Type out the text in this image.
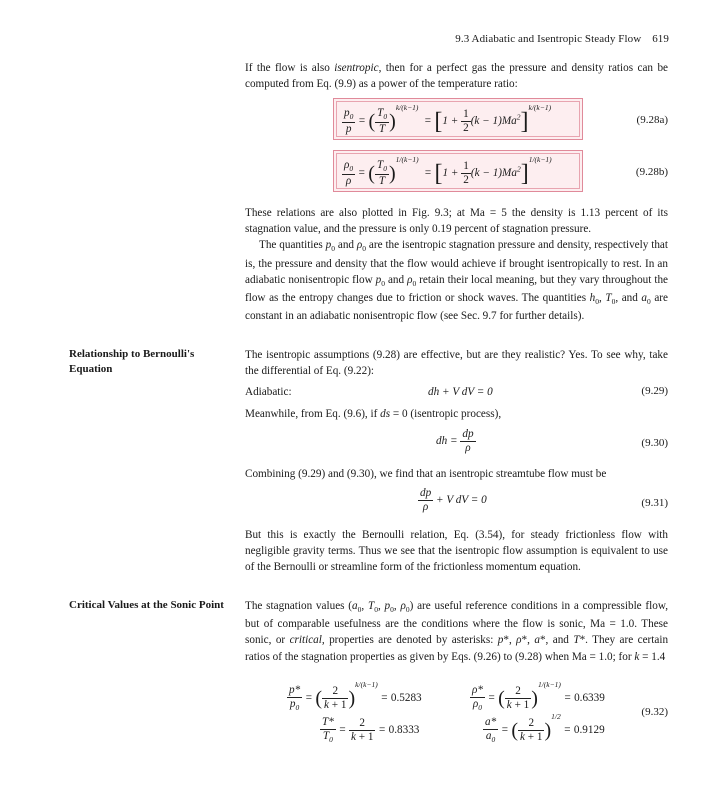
9.3 Adiabatic and Isentropic Steady Flow 619

If the flow is also isentropic, then for a perfect gas the pressure and density ratios can be computed from Eq. (9.9) as a power of the temperature ratio:

$\frac{p_0}{p}$ = ( $\frac{T_0}{T} )^{k/(k-1)} = [1 + \frac{1}{2} (k - 1)Ma^2]^{k/(k-1)}$
(9.28a)
$\frac{\rho_0}{\rho}$ = ( $\frac{T_0}{T} )^{1/(k-1)} = [1 + \frac{1}{2} (k - 1)Ma^2]^{1/(k-1)}$
(9.28b)

These relations are also plotted in Fig. 9.3; at Ma = 5 the density is 1.13 percent of its stagnation value, and the pressure is only 0.19 percent of stagnation pressure.

The quantities $p_0$ and $\rho_0$ are the isentropic stagnation pressure and density, respectively that is, the pressure and density that the flow would achieve if brought isentropically to rest. In an adiabatic nonisentropic flow $p_0$ and $\rho_0$ retain their local meaning, but they vary throughout the flow as the entropy changes due to friction or shock waves. The quantities $h_0$, $T_0$, and $a_0$ are constant in an adiabatic nonisentropic flow (see Sec. 9.7 for further details).

Relationship to Bernoulli's Equation

The isentropic assumptions (9.28) are effective, but are they realistic? Yes. To see why, take the differential of Eq. (9.22):

Adiabatic:	dh + V dV = 0	(9.29)

Meanwhile, from Eq. (9.6), if ds = 0 (isentropic process),

dh = $\frac{dp}{\rho}$	(9.30)
Combining (9.29) and (9.30), we find that an isentropic streamtube flow must be
$\frac{dp}{\rho} + V$ dV = 0	(9.31)
But this is exactly the Bernoulli relation, Eq. (3.54), for steady frictionless flow with negligible gravity terms. Thus we see that the isentropic flow assumption is equivalent to use of the Bernoulli or streamline form of the frictionless momentum equation.
Critical Values at the Sonic Point	The stagnation values ($a_0$, $T_0$, $p_0$, $\rho_0$) are useful reference conditions in a compressible flow, but of comparable usefulness are the conditions where the flow is sonic, Ma = 1.0. These sonic, or critical, properties are denoted by asterisks: p*, ρ*, a*, and T*. They are certain ratios of the stagnation properties as given by Eqs. (9.26) to (9.28) when Ma = 1.0; for k = 1.4

$\frac{p*}{p_0}$ = ( $\frac{2}{k + 1} )^{k/(k-1)} = 0.5283$	$\frac{\rho*}{\rho_0}$ = ( $\frac{2}{k + 1} )^{1/(k-1)} = 0.6339$
(9.32)
$\frac{T*}{T_0} = \frac{2}{k + 1} = 0.8333$	$\frac{a*}{a_0}$ = ( $\frac{2}{k + 1} )^{1/2} = 0.9129$
